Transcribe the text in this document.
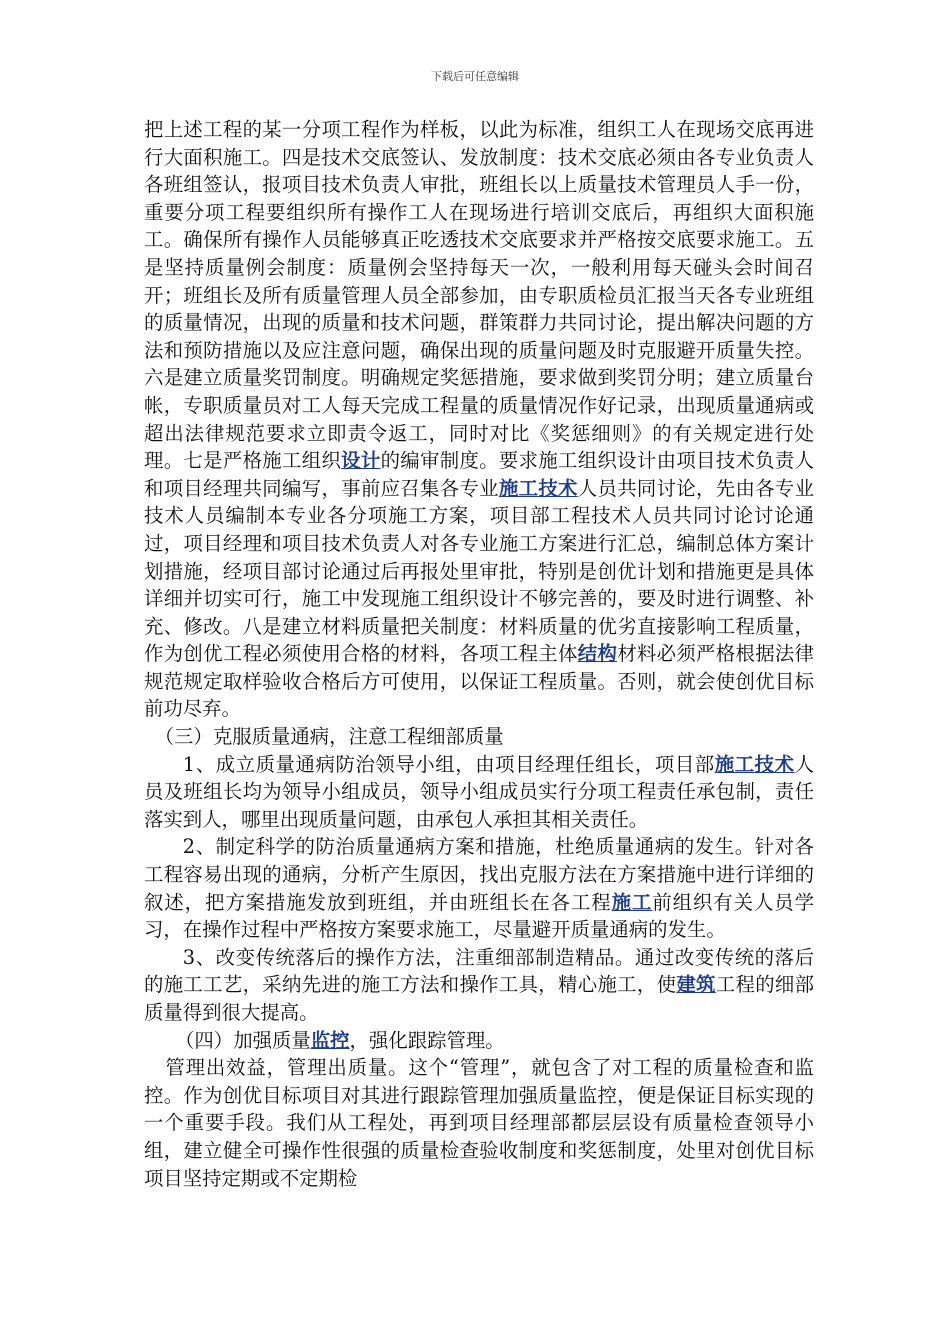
下载后可任意编辑

把上述工程的某一分项工程作为样板，以此为标准，组织工人在现场交底再进行大面积施工。四是技术交底签认、发放制度：技术交底必须由各专业负责人各班组签认，报项目技术负责人审批，班组长以上质量技术管理员人手一份，重要分项工程要组织所有操作工人在现场进行培训交底后，再组织大面积施工。确保所有操作人员能够真正吃透技术交底要求并严格按交底要求施工。五是坚持质量例会制度：质量例会坚持每天一次，一般利用每天碰头会时间召开；班组长及所有质量管理人员全部参加，由专职质检员汇报当天各专业班组的质量情况，出现的质量和技术问题，群策群力共同讨论，提出解决问题的方法和预防措施以及应注意问题，确保出现的质量问题及时克服避开质量失控。六是建立质量奖罚制度。明确规定奖惩措施，要求做到奖罚分明；建立质量台帐，专职质量员对工人每天完成工程量的质量情况作好记录，出现质量通病或超出法律规范要求立即责令返工，同时对比《奖惩细则》的有关规定进行处理。七是严格施工组织设计的编审制度。要求施工组织设计由项目技术负责人和项目经理共同编写，事前应召集各专业施工技术人员共同讨论，先由各专业技术人员编制本专业各分项施工方案，项目部工程技术人员共同讨论讨论通过，项目经理和项目技术负责人对各专业施工方案进行汇总，编制总体方案计划措施，经项目部讨论通过后再报处里审批，特别是创优计划和措施更是具体详细并切实可行，施工中发现施工组织设计不够完善的，要及时进行调整、补充、修改。八是建立材料质量把关制度：材料质量的优劣直接影响工程质量，作为创优工程必须使用合格的材料，各项工程主体结构材料必须严格根据法律规范规定取样验收合格后方可使用，以保证工程质量。否则，就会使创优目标前功尽弃。

（三）克服质量通病，注意工程细部质量

1、成立质量通病防治领导小组，由项目经理任组长，项目部施工技术人员及班组长均为领导小组成员，领导小组成员实行分项工程责任承包制，责任落实到人，哪里出现质量问题，由承包人承担其相关责任。

2、制定科学的防治质量通病方案和措施，杜绝质量通病的发生。针对各工程容易出现的通病，分析产生原因，找出克服方法在方案措施中进行详细的叙述，把方案措施发放到班组，并由班组长在各工程施工前组织有关人员学习，在操作过程中严格按方案要求施工，尽量避开质量通病的发生。

3、改变传统落后的操作方法，注重细部制造精品。通过改变传统的落后的施工工艺，采纳先进的施工方法和操作工具，精心施工，使建筑工程的细部质量得到很大提高。

（四）加强质量监控，强化跟踪管理。

管理出效益，管理出质量。这个“管理”，就包含了对工程的质量检查和监控。作为创优目标项目对其进行跟踪管理加强质量监控，便是保证目标实现的一个重要手段。我们从工程处，再到项目经理部都层层设有质量检查领导小组，建立健全可操作性很强的质量检查验收制度和奖惩制度，处里对创优目标项目坚持定期或不定期检
